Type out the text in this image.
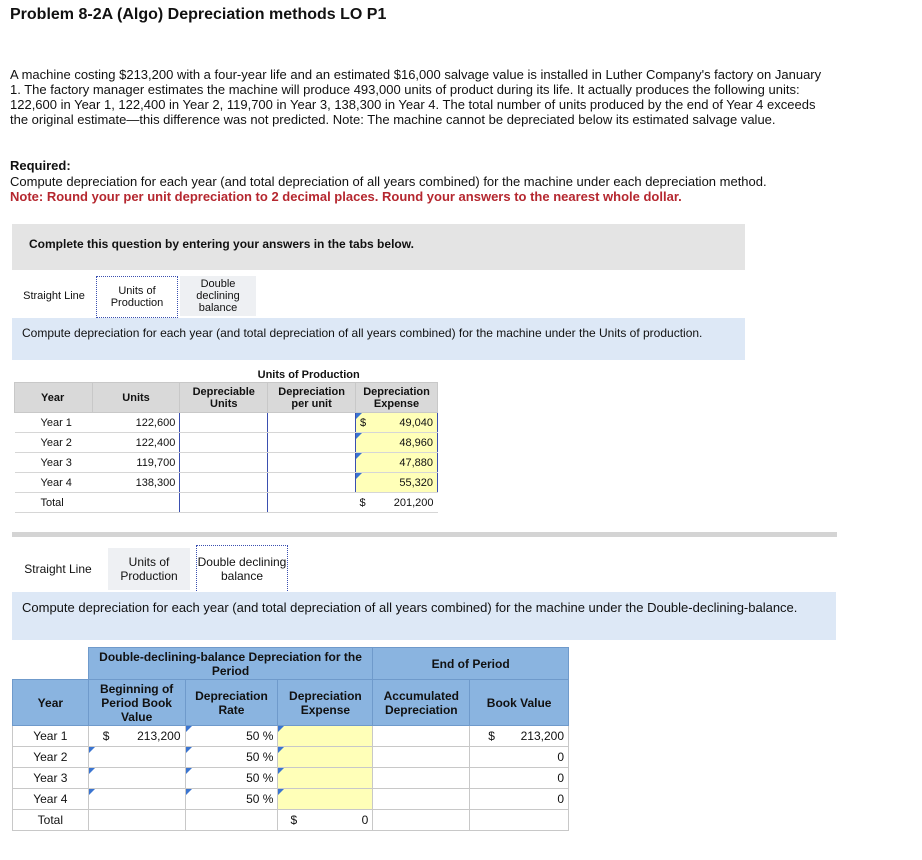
Problem 8-2A (Algo) Depreciation methods LO P1
A machine costing $213,200 with a four-year life and an estimated $16,000 salvage value is installed in Luther Company's factory on January 1. The factory manager estimates the machine will produce 493,000 units of product during its life. It actually produces the following units: 122,600 in Year 1, 122,400 in Year 2, 119,700 in Year 3, 138,300 in Year 4. The total number of units produced by the end of Year 4 exceeds the original estimate—this difference was not predicted. Note: The machine cannot be depreciated below its estimated salvage value.
Required:
Compute depreciation for each year (and total depreciation of all years combined) for the machine under each depreciation method.
Note: Round your per unit depreciation to 2 decimal places. Round your answers to the nearest whole dollar.
Complete this question by entering your answers in the tabs below.
Straight Line	Units of Production
Double declining balance
Compute depreciation for each year (and total depreciation of all years combined) for the machine under the Units of production.
		Units of Production		
Year	Units	Depreciable Units	Depreciation per unit	Depreciation Expense
Year 1	122,600			$ 49,040
Year 2	122,400			48,960
Year 3	119,700			47,880
Year 4	138,300			55,320
Total				$ 201,200
Straight Line	Units of Production
Double declining balance
Compute depreciation for each year (and total depreciation of all years combined) for the machine under the Double-declining-balance.
	Double-declining-balance Depreciation for the Period			End of Period	
Year	Beginning of Period Book Value	Depreciation Rate	Depreciation Expense	Accumulated Depreciation	Book Value
Year 1	$ 213,200	50 %			$ 213,200
Year 2		50 %			0
Year 3		50 %			0
Year 4		50 %			0
Total			$ 0		
